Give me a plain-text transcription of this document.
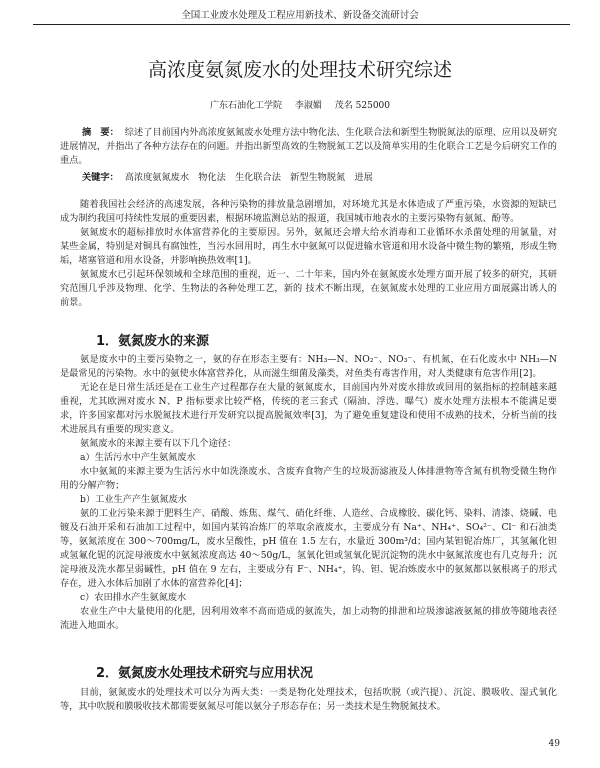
全国工业废水处理及工程应用新技术、新设备交流研讨会
高浓度氨氮废水的处理技术研究综述
广东石油化工学院 李淑媚 茂名 525000
摘　要： 综述了目前国内外高浓度氨氮废水处理方法中物化法、生化联合法和新型生物脱氮法的原理、应用以及研究进展情况，并指出了各种方法存在的问题。并指出新型高效的生物脱氮工艺以及简单实用的生化联合工艺是今后研究工作的重点。
关键字： 高浓度氨氮废水　物化法　生化联合法　新型生物脱氮　进展

随着我国社会经济的高速发展，各种污染物的排放量急剧增加，对环境尤其是水体造成了严重污染，水资源的短缺已成为制约我国可持续性发展的重要因素，根据环境监测总站的报道，我国城市地表水的主要污染物有氨氮、酚等。

氨氮废水的超标排放时水体富营养化的主要原因。另外，氨氮还会增大给水消毒和工业循环水杀菌处理的用氯量，对某些金属，特别是对铜具有腐蚀性，当污水回用时，再生水中氨氮可以促进输水管道和用水设备中微生物的繁殖，形成生物垢，堵塞管道和用水设备，并影响换热效率[1]。

氨氮废水已引起环保领域和全球范围的重视，近一、二十年来，国内外在氨氮废水处理方面开展了较多的研究，其研究范围几乎涉及物理、化学、生物法的各种处理工艺，新的 技术不断出现，在氨氮废水处理的工业应用方面展露出诱人的前景。

1．氨氮废水的来源

氨是废水中的主要污染物之一，氨的存在形态主要有：NH₃—N、NO₂⁻、NO₃⁻、有机氮，在石化废水中 NH₃—N 是最常见的污染物。水中的氨使水体富营养化，从而滋生细菌及藻类，对鱼类有毒害作用，对人类健康有危害作用[2]。

无论在是日常生活还是在工业生产过程都存在大量的氨氮废水，目前国内外对废水排放或回用的氨指标的控制越来越重视，尤其欧洲对废水 N、P 指标要求比较严格，传统的老三套式（隔油、浮选、曝气）废水处理方法根本不能满足要求，许多国家都对污水脱氮技术进行开发研究以提高脱氮效率[3]，为了避免重复建设和使用不成熟的技术，分析当前的技术进展具有重要的现实意义。

氨氮废水的来源主要有以下几个途径：

a）生活污水中产生氨氮废水

水中氨氮的来源主要为生活污水中如洗涤废水、含废弃食物产生的垃圾沥滤液及人体排泄物等含氮有机物受微生物作用的分解产物；

b）工业生产产生氨氮废水

氨的工业污染来源于肥料生产、硝酸、炼焦、煤气、硝化纤维、人造丝、合成橡胶、碳化钙、染料、清漆、烧碱、电镀及石油开采和石油加工过程中，如国内某钨冶炼厂的萃取余液废水，主要成分有 Na⁺、NH₄⁺、SO₄²⁻、Cl⁻ 和石油类等，氨氮浓度在 300～700mg/L，废水呈酸性，pH 值在 1.5 左右，水量近 300m³/d；国内某钽铌冶炼厂，其氢氟化钽或氢氟化铌的沉淀母液废水中氨氮浓度高达 40～50g/L，氢氧化钽或氢氧化铌沉淀物的洗水中氨氮浓度也有几克每升；沉淀母液及洗水都呈弱碱性，pH 值在 9 左右，主要成分有 F⁻、NH₄⁺，钨、钽、铌冶炼废水中的氨氮都以氨根离子的形式存在，进入水体后加剧了水体的富营养化[4]；

c）农田排水产生氨氮废水

农业生产中大量使用的化肥，因利用效率不高而造成的氨流失，加上动物的排泄和垃圾渗滤液氨氮的排放等随地表径流进入地面水。

2．氨氮废水处理技术研究与应用状况

目前，氨氮废水的处理技术可以分为两大类：一类是物化处理技术，包括吹脱（或汽提）、沉淀、膜吸收、湿式氧化等，其中吹脱和膜吸收技术都需要氨氮尽可能以氨分子形态存在；另一类技术是生物脱氮技术。

49
